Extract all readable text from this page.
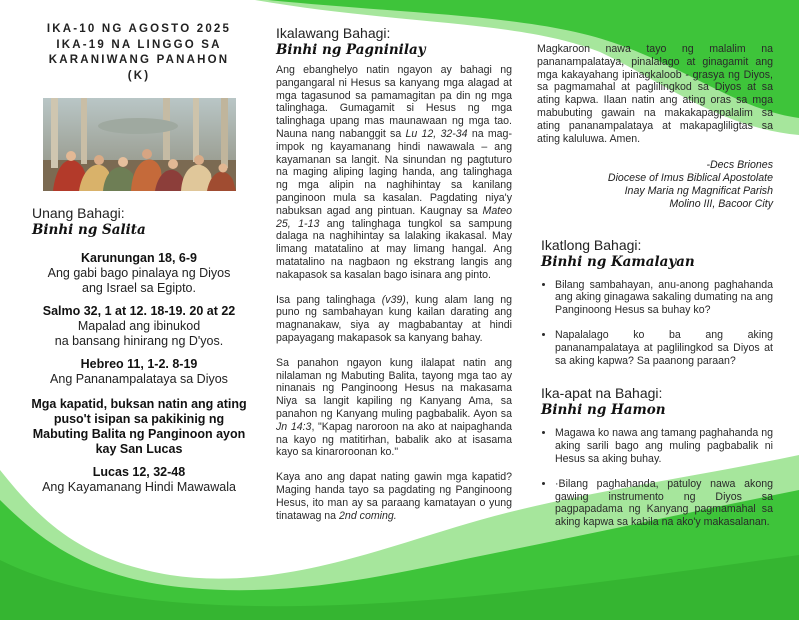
IKA-10 NG AGOSTO 2025
IKA-19 NA LINGGO SA
KARANIWANG PANAHON
(K)
Unang Bahagi:
Binhi ng Salita
Karunungan 18, 6-9
Ang gabi bago pinalaya ng Diyos
ang Israel sa Egipto.
Salmo 32, 1 at 12. 18-19. 20 at 22
Mapalad ang ibinukod
na bansang hinirang ng D'yos.
Hebreo 11, 1-2. 8-19
Ang Pananampalataya sa Diyos
Mga kapatid, buksan natin ang ating puso't isipan sa pakikinig ng Mabuting Balita ng Panginoon ayon kay San Lucas
Lucas 12, 32-48
Ang Kayamanang Hindi Mawawala
Ikalawang Bahagi:
Binhi ng Pagninilay

Ang ebanghelyo natin ngayon ay bahagi ng pangangaral ni Hesus sa kanyang mga alagad at mga tagasunod sa pamamagitan pa din ng mga talinghaga. Gumagamit si Hesus ng mga talinghaga upang mas maunawaan ng mga tao. Nauna nang nabanggit sa Lu 12, 32-34 na mag-impok ng kayamanang hindi nawawala – ang kayamanan sa langit. Na sinundan ng pagtuturo na maging aliping laging handa, ang talinghaga ng mga alipin na naghihintay sa kanilang panginoon mula sa kasalan. Pagdating niya'y nabuksan agad ang pintuan. Kaugnay sa Mateo 25, 1-13 ang talinghaga tungkol sa sampung dalaga na naghihintay sa lalaking ikakasal. May limang matatalino at may limang hangal. Ang matatalino na nagbaon ng ekstrang langis ang nakapasok sa kasalan bago isinara ang pinto.

Isa pang talinghaga (v39), kung alam lang ng puno ng sambahayan kung kailan darating ang magnanakaw, siya ay magbabantay at hindi papayagang makapasok sa kanyang bahay.

Sa panahon ngayon kung ilalapat natin ang nilalaman ng Mabuting Balita, tayong mga tao ay ninanais ng Panginoong Hesus na makasama Niya sa langit kapiling ng Kanyang Ama, sa panahon ng Kanyang muling pagbabalik. Ayon sa Jn 14:3, "Kapag naroroon na ako at naipaghanda na kayo ng matitirhan, babalik ako at isasama kayo sa kinaroroonan ko."

Kaya ano ang dapat nating gawin mga kapatid? Maging handa tayo sa pagdating ng Panginoong Hesus, ito man ay sa paraang kamatayan o yung tinatawag na 2nd coming.

Magkaroon nawa tayo ng malalim na pananampalataya, pinalalago at ginagamit ang mga kakayahang ipinagkaloob - grasya ng Diyos, sa pagmamahal at paglilingkod sa Diyos at sa ating kapwa. Ilaan natin ang ating oras sa mga mabubuting gawain na makakapagpalalim sa ating pananampalataya at makapagliligtas sa ating kaluluwa. Amen.
-Decs Briones
Diocese of Imus Biblical Apostolate
Inay Maria ng Magnificat Parish
Molino III, Bacoor City
Ikatlong Bahagi:
Binhi ng Kamalayan
• Bilang sambahayan, anu-anong paghahanda ang aking ginagawa sakaling dumating na ang Panginoong Hesus sa buhay ko?
• Napalalago ko ba ang aking pananampalataya at paglilingkod sa Diyos at sa aking kapwa? Sa paanong paraan?
Ika-apat na Bahagi:
Binhi ng Hamon
• Magawa ko nawa ang tamang paghahanda ng aking sarili bago ang muling pagbabalik ni Hesus sa aking buhay.
• ·Bilang paghahanda, patuloy nawa akong gawing instrumento ng Diyos sa pagpapadama ng Kanyang pagmamahal sa aking kapwa sa kabila na ako'y makasalanan.
